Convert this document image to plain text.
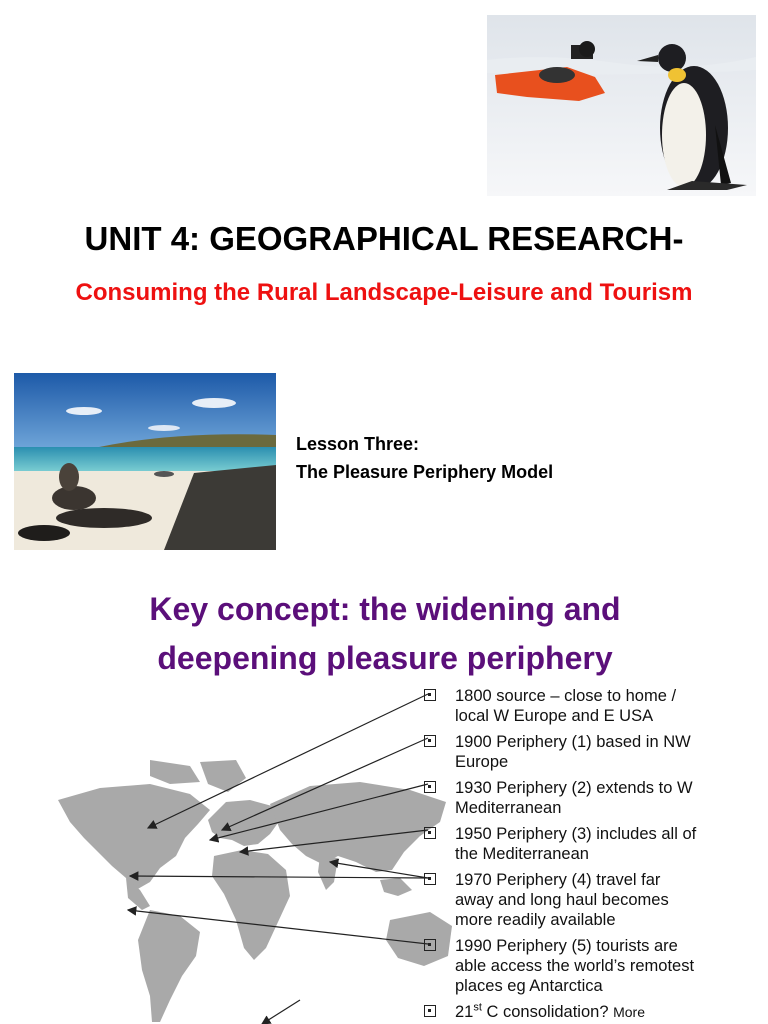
UNIT 4: GEOGRAPHICAL RESEARCH-
Consuming the Rural Landscape-Leisure and Tourism
Lesson Three:
The Pleasure Periphery Model
Key concept: the widening and
deepening pleasure periphery
1800 source – close to home /
local W Europe and E USA
1900 Periphery (1) based in NW
Europe
1930 Periphery (2) extends to W
Mediterranean
1950 Periphery (3) includes all of
the Mediterranean
1970 Periphery (4) travel far
away and long haul becomes
more readily available
1990 Periphery (5) tourists are
able access the world’s remotest
places eg Antarctica
21st C consolidation? More
